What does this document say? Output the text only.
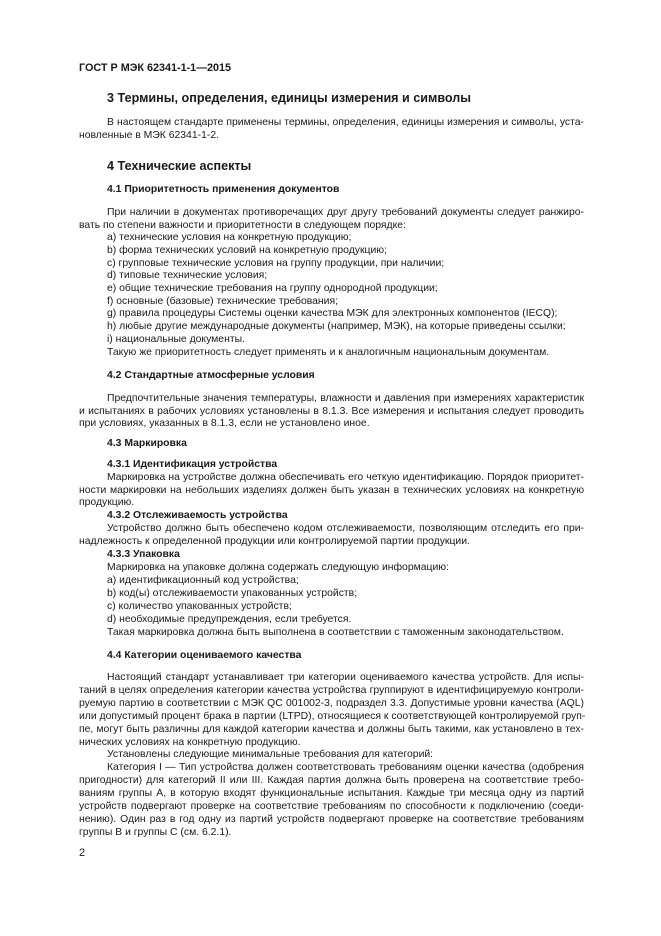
ГОСТ Р МЭК 62341-1-1—2015
3 Термины, определения, единицы измерения и символы
В настоящем стандарте применены термины, определения, единицы измерения и символы, уста-
новленные в МЭК 62341-1-2.
4 Технические аспекты
4.1 Приоритетность применения документов
При наличии в документах противоречащих друг другу требований документы следует ранжиро-
вать по степени важности и приоритетности в следующем порядке:
a) технические условия на конкретную продукцию;
b) форма технических условий на конкретную продукцию;
c) групповые технические условия на группу продукции, при наличии;
d) типовые технические условия;
e) общие технические требования на группу однородной продукции;
f) основные (базовые) технические требования;
g) правила процедуры Системы оценки качества МЭК для электронных компонентов (IECQ);
h) любые другие международные документы (например, МЭК), на которые приведены ссылки;
i) национальные документы.
Такую же приоритетность следует применять и к аналогичным национальным документам.
4.2 Стандартные атмосферные условия
Предпочтительные значения температуры, влажности и давления при измерениях характеристик
и испытаниях в рабочих условиях установлены в 8.1.3. Все измерения и испытания следует проводить
при условиях, указанных в 8.1.3, если не установлено иное.
4.3 Маркировка
4.3.1 Идентификация устройства
Маркировка на устройстве должна обеспечивать его четкую идентификацию. Порядок приоритет-
ности маркировки на небольших изделиях должен быть указан в технических условиях на конкретную
продукцию.
4.3.2 Отслеживаемость устройства
Устройство должно быть обеспечено кодом отслеживаемости, позволяющим отследить его при-
надлежность к определенной продукции или контролируемой партии продукции.
4.3.3 Упаковка
Маркировка на упаковке должна содержать следующую информацию:
a) идентификационный код устройства;
b) код(ы) отслеживаемости упакованных устройств;
c) количество упакованных устройств;
d) необходимые предупреждения, если требуется.
Такая маркировка должна быть выполнена в соответствии с таможенным законодательством.
4.4 Категории оцениваемого качества
Настоящий стандарт устанавливает три категории оцениваемого качества устройств. Для испы-
таний в целях определения категории качества устройства группируют в идентифицируемую контроли-
руемую партию в соответствии с МЭК QC 001002-3, подраздел 3.3. Допустимые уровни качества (AQL)
или допустимый процент брака в партии (LTPD), относящиеся к соответствующей контролируемой груп-
пе, могут быть различны для каждой категории качества и должны быть такими, как установлено в тех-
нических условиях на конкретную продукцию.
Установлены следующие минимальные требования для категорий:
Категория I — Тип устройства должен соответствовать требованиям оценки качества (одобрения
пригодности) для категорий II или III. Каждая партия должна быть проверена на соответствие требо-
ваниям группы A, в которую входят функциональные испытания. Каждые три месяца одну из партий
устройств подвергают проверке на соответствие требованиям по способности к подключению (соеди-
нению). Один раз в год одну из партий устройств подвергают проверке на соответствие требованиям
группы B и группы C (см. 6.2.1).
2
